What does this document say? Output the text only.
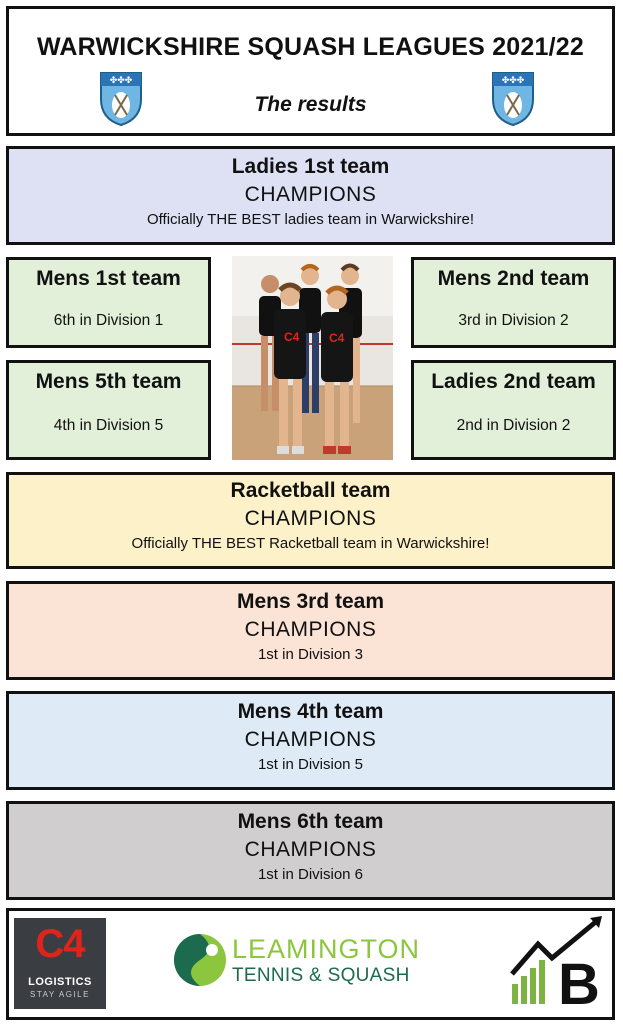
WARWICKSHIRE SQUASH LEAGUES 2021/22
✤✤✤	✤✤✤
The results
Ladies 1st team
CHAMPIONS
Officially THE BEST ladies team in Warwickshire!
Mens 1st team
6th in Division 1
Mens 2nd team
3rd in Division 2
Mens 5th team
4th in Division 5
Ladies 2nd team
2nd in Division 2
C4 C4
Racketball team
CHAMPIONS
Officially THE BEST Racketball team in Warwickshire!
Mens 3rd team
CHAMPIONS
1st in Division 3
Mens 4th team
CHAMPIONS
1st in Division 5
Mens 6th team
CHAMPIONS
1st in Division 6
C4
LOGISTICS
STAY AGILE
LEAMINGTON
TENNIS & SQUASH	B
